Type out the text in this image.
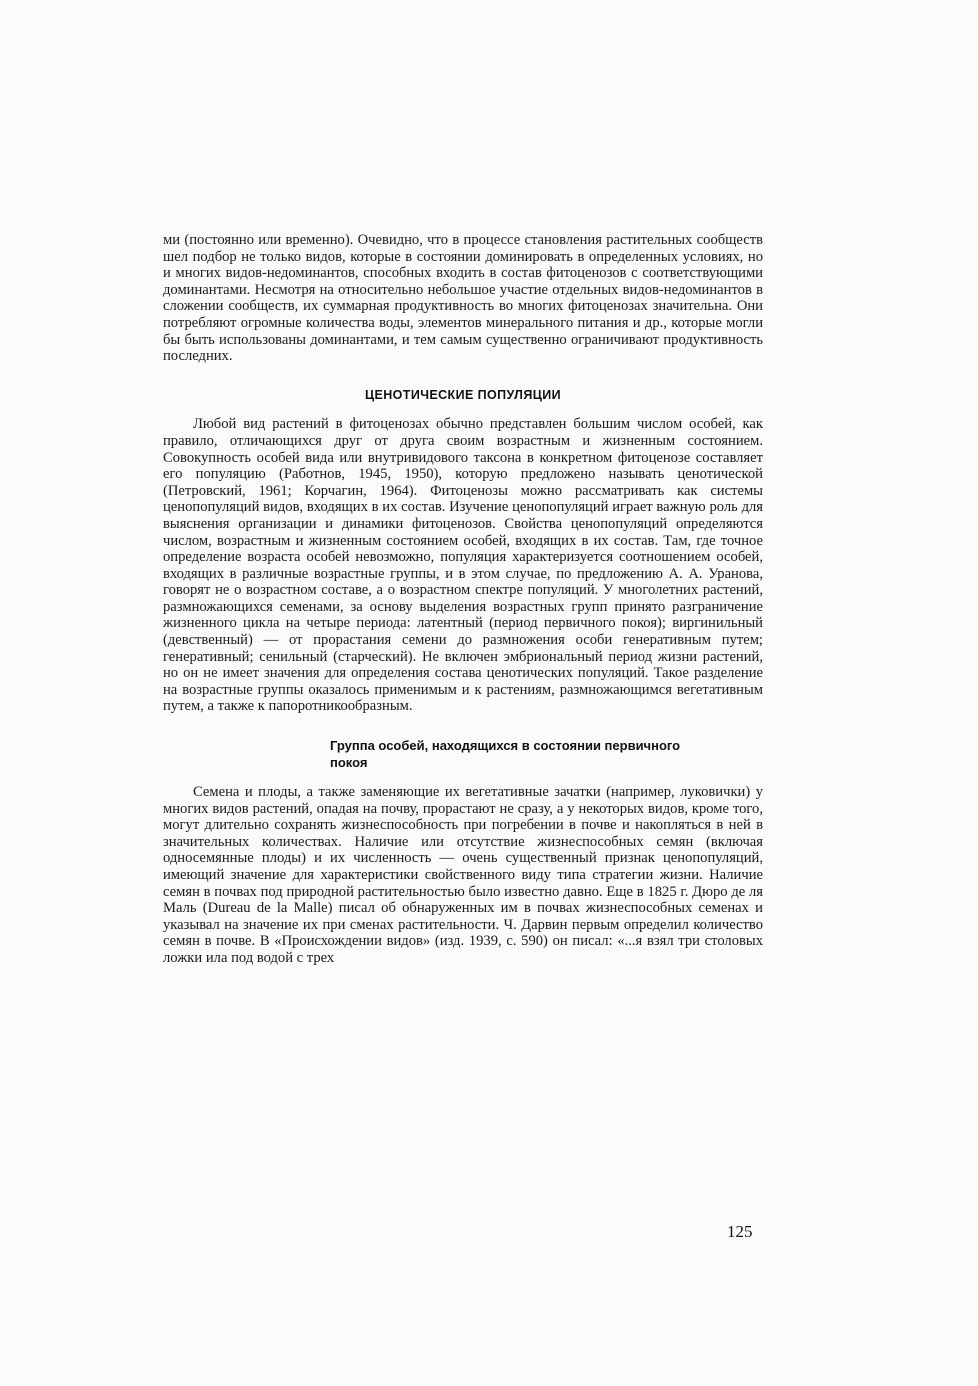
ми (постоянно или временно). Очевидно, что в процессе становления растительных сообществ шел подбор не только видов, которые в состоянии доминировать в определенных условиях, но и многих видов-недоминантов, способных входить в состав фитоценозов с соответствующими доминантами. Несмотря на относительно небольшое участие отдельных видов-недоминантов в сложении сообществ, их суммарная продуктивность во многих фитоценозах значительна. Они потребляют огромные количества воды, элементов минерального питания и др., которые могли бы быть использованы доминантами, и тем самым существенно ограничивают продуктивность последних.

ЦЕНОТИЧЕСКИЕ ПОПУЛЯЦИИ

Любой вид растений в фитоценозах обычно представлен большим числом особей, как правило, отличающихся друг от друга своим возрастным и жизненным состоянием. Совокупность особей вида или внутривидового таксона в конкретном фитоценозе составляет его популяцию (Работнов, 1945, 1950), которую предложено называть ценотической (Петровский, 1961; Корчагин, 1964). Фитоценозы можно рассматривать как системы ценопопуляций видов, входящих в их состав. Изучение ценопопуляций играет важную роль для выяснения организации и динамики фитоценозов. Свойства ценопопуляций определяются числом, возрастным и жизненным состоянием особей, входящих в их состав. Там, где точное определение возраста особей невозможно, популяция характеризуется соотношением особей, входящих в различные возрастные группы, и в этом случае, по предложению А. А. Уранова, говорят не о возрастном составе, а о возрастном спектре популяций. У многолетних растений, размножающихся семенами, за основу выделения возрастных групп принято разграничение жизненного цикла на четыре периода: латентный (период первичного покоя); виргинильный (девственный) — от прорастания семени до размножения особи генеративным путем; генеративный; сенильный (старческий). Не включен эмбриональный период жизни растений, но он не имеет значения для определения состава ценотических популяций. Такое разделение на возрастные группы оказалось применимым и к растениям, размножающимся вегетативным путем, а также к папоротникообразным.

Группа особей, находящихся в состоянии первичного покоя

Семена и плоды, а также заменяющие их вегетативные зачатки (например, луковички) у многих видов растений, опадая на почву, прорастают не сразу, а у некоторых видов, кроме того, могут длительно сохранять жизнеспособность при погребении в почве и накопляться в ней в значительных количествах. Наличие или отсутствие жизнеспособных семян (включая односемянные плоды) и их численность — очень существенный признак ценопопуляций, имеющий значение для характеристики свойственного виду типа стратегии жизни. Наличие семян в почвах под природной растительностью было известно давно. Еще в 1825 г. Дюро де ля Маль (Dureau de la Malle) писал об обнаруженных им в почвах жизнеспособных семенах и указывал на значение их при сменах растительности. Ч. Дарвин первым определил количество семян в почве. В «Происхождении видов» (изд. 1939, с. 590) он писал: «...я взял три столовых ложки ила под водой с трех

125
